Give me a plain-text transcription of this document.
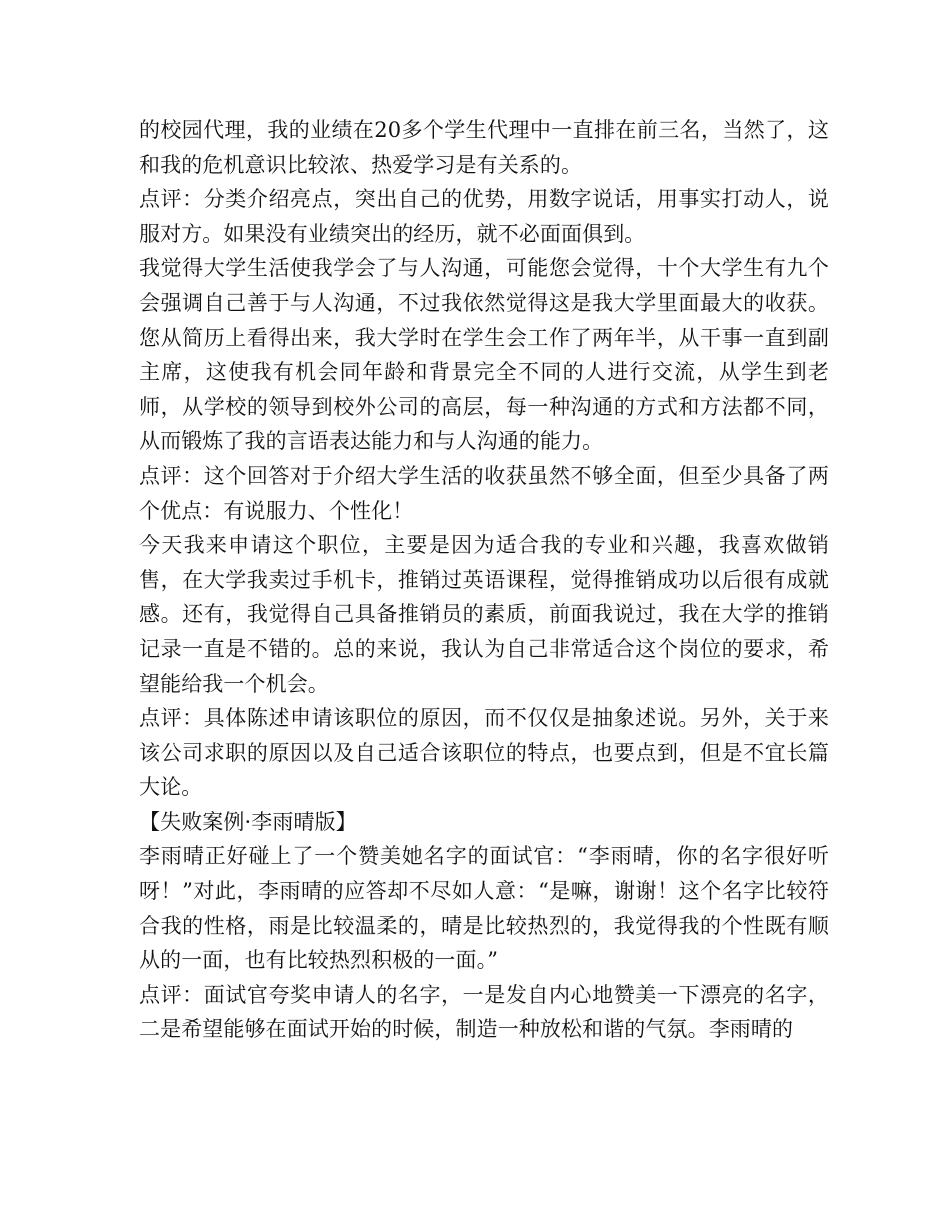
的校园代理，我的业绩在20多个学生代理中一直排在前三名，当然了，这和我的危机意识比较浓、热爱学习是有关系的。

点评：分类介绍亮点，突出自己的优势，用数字说话，用事实打动人，说服对方。如果没有业绩突出的经历，就不必面面俱到。

我觉得大学生活使我学会了与人沟通，可能您会觉得，十个大学生有九个会强调自己善于与人沟通，不过我依然觉得这是我大学里面最大的收获。您从简历上看得出来，我大学时在学生会工作了两年半，从干事一直到副主席，这使我有机会同年龄和背景完全不同的人进行交流，从学生到老师，从学校的领导到校外公司的高层，每一种沟通的方式和方法都不同，从而锻炼了我的言语表达能力和与人沟通的能力。

点评：这个回答对于介绍大学生活的收获虽然不够全面，但至少具备了两个优点：有说服力、个性化！

今天我来申请这个职位，主要是因为适合我的专业和兴趣，我喜欢做销售，在大学我卖过手机卡，推销过英语课程，觉得推销成功以后很有成就感。还有，我觉得自己具备推销员的素质，前面我说过，我在大学的推销记录一直是不错的。总的来说，我认为自己非常适合这个岗位的要求，希望能给我一个机会。

点评：具体陈述申请该职位的原因，而不仅仅是抽象述说。另外，关于来该公司求职的原因以及自己适合该职位的特点，也要点到，但是不宜长篇大论。

【失败案例·李雨晴版】

李雨晴正好碰上了一个赞美她名字的面试官：“李雨晴，你的名字很好听呀！”对此，李雨晴的应答却不尽如人意：“是嘛，谢谢！这个名字比较符合我的性格，雨是比较温柔的，晴是比较热烈的，我觉得我的个性既有顺从的一面，也有比较热烈积极的一面。”

点评：面试官夸奖申请人的名字，一是发自内心地赞美一下漂亮的名字，二是希望能够在面试开始的时候，制造一种放松和谐的气氛。李雨晴的
